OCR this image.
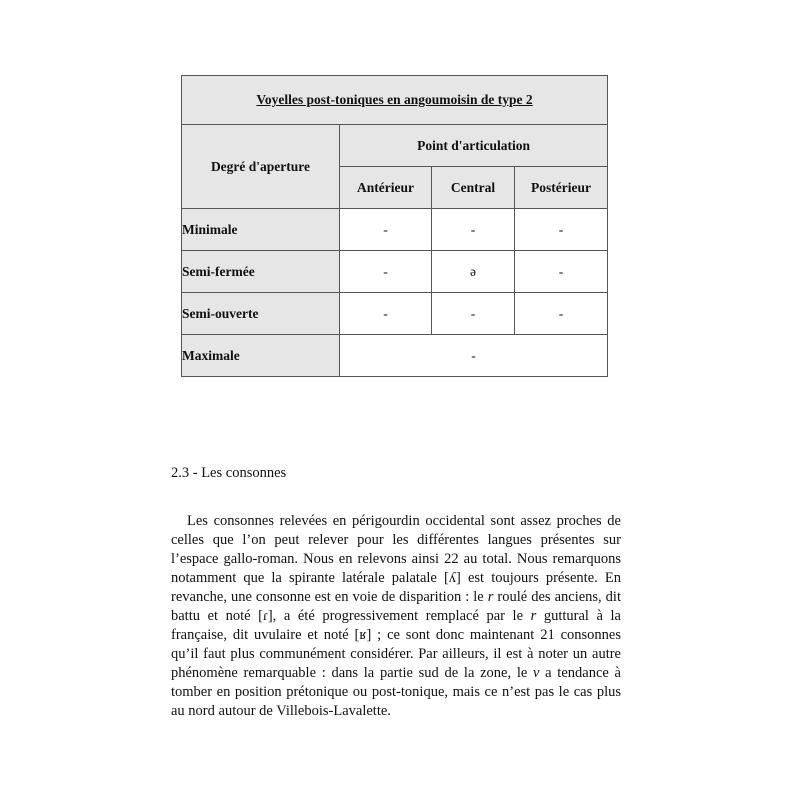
Voyelles post-toniques en angoumoisin de type 2			
Degré d'aperture	Point d'articulation		
	Antérieur	Central	Postérieur
Minimale	-	-	-
Semi-fermée	-	ə	-
Semi-ouverte	-	-	-
Maximale	-		

2.3 - Les consonnes

Les consonnes relevées en périgourdin occidental sont assez proches de celles que l’on peut relever pour les différentes langues présentes sur l’espace gallo-roman. Nous en relevons ainsi 22 au total. Nous remarquons notamment que la spirante latérale palatale [ʎ] est toujours présente. En revanche, une consonne est en voie de disparition : le r roulé des anciens, dit battu et noté [ɾ], a été progressivement remplacé par le r guttural à la française, dit uvulaire et noté [ʁ] ; ce sont donc maintenant 21 consonnes qu’il faut plus communément considérer. Par ailleurs, il est à noter un autre phénomène remarquable : dans la partie sud de la zone, le v a tendance à tomber en position prétonique ou post-tonique, mais ce n’est pas le cas plus au nord autour de Villebois-Lavalette.
